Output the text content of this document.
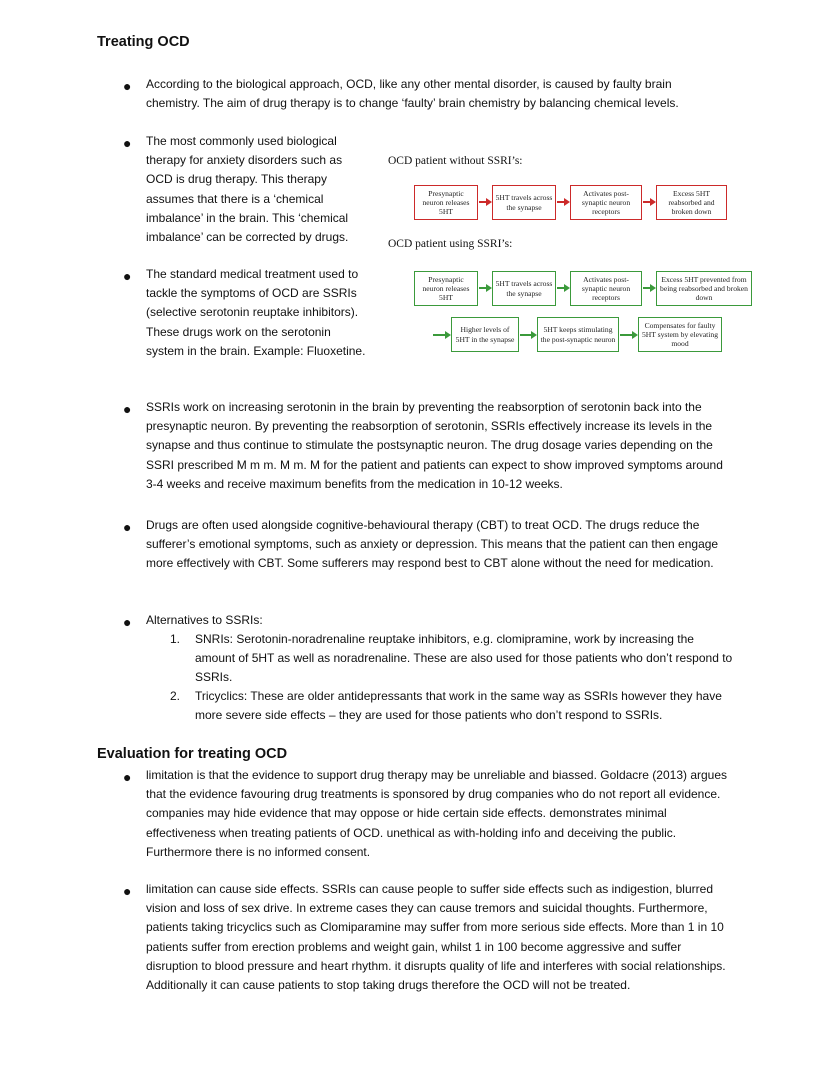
Treating OCD
● According to the biological approach, OCD, like any other mental disorder, is caused by faulty brain chemistry. The aim of drug therapy is to change ‘faulty’ brain chemistry by balancing chemical levels.

● The most commonly used biological therapy for anxiety disorders such as OCD is drug therapy. This therapy assumes that there is a ‘chemical imbalance’ in the brain. This ‘chemical imbalance’ can be corrected by drugs.

● The standard medical treatment used to tackle the symptoms of OCD are SSRIs (selective serotonin reuptake inhibitors). These drugs work on the serotonin system in the brain. Example: Fluoxetine.

OCD patient without SSRI’s:
Presynaptic neuron releases 5HT
5HT travels across the synapse
Activates post-synaptic neuron receptors
Excess 5HT reabsorbed and broken down
OCD patient using SSRI’s:
Presynaptic neuron releases 5HT
5HT travels across the synapse
Activates post-synaptic neuron receptors
Excess 5HT prevented from being reabsorbed and broken down
Higher levels of 5HT in the synapse
5HT keeps stimulating the post-synaptic neuron
Compensates for faulty 5HT system by elevating mood
● SSRIs work on increasing serotonin in the brain by preventing the reabsorption of serotonin back into the presynaptic neuron. By preventing the reabsorption of serotonin, SSRIs effectively increase its levels in the synapse and thus continue to stimulate the postsynaptic neuron. The drug dosage varies depending on the SSRI prescribed M m m. M m. M for the patient and patients can expect to show improved symptoms around 3-4 weeks and receive maximum benefits from the medication in 10-12 weeks.

● Drugs are often used alongside cognitive-behavioural therapy (CBT) to treat OCD. The drugs reduce the sufferer’s emotional symptoms, such as anxiety or depression. This means that the patient can then engage more effectively with CBT. Some sufferers may respond best to CBT alone without the need for medication.

● Alternatives to SSRIs:

1. SNRIs: Serotonin-noradrenaline reuptake inhibitors, e.g. clomipramine, work by increasing the amount of 5HT as well as noradrenaline. These are also used for those patients who don’t respond to SSRIs.

2. Tricyclics: These are older antidepressants that work in the same way as SSRIs however they have more severe side effects – they are used for those patients who don’t respond to SSRIs.

Evaluation for treating OCD
● limitation is that the evidence to support drug therapy may be unreliable and biassed. Goldacre (2013) argues that the evidence favouring drug treatments is sponsored by drug companies who do not report all evidence. companies may hide evidence that may oppose or hide certain side effects. demonstrates minimal effectiveness when treating patients of OCD. unethical as with-holding info and deceiving the public. Furthermore there is no informed consent.

● limitation can cause side effects. SSRIs can cause people to suffer side effects such as indigestion, blurred vision and loss of sex drive. In extreme cases they can cause tremors and suicidal thoughts. Furthermore, patients taking tricyclics such as Clomiparamine may suffer from more serious side effects. More than 1 in 10 patients suffer from erection problems and weight gain, whilst 1 in 100 become aggressive and suffer disruption to blood pressure and heart rhythm. it disrupts quality of life and interferes with social relationships. Additionally it can cause patients to stop taking drugs therefore the OCD will not be treated.
